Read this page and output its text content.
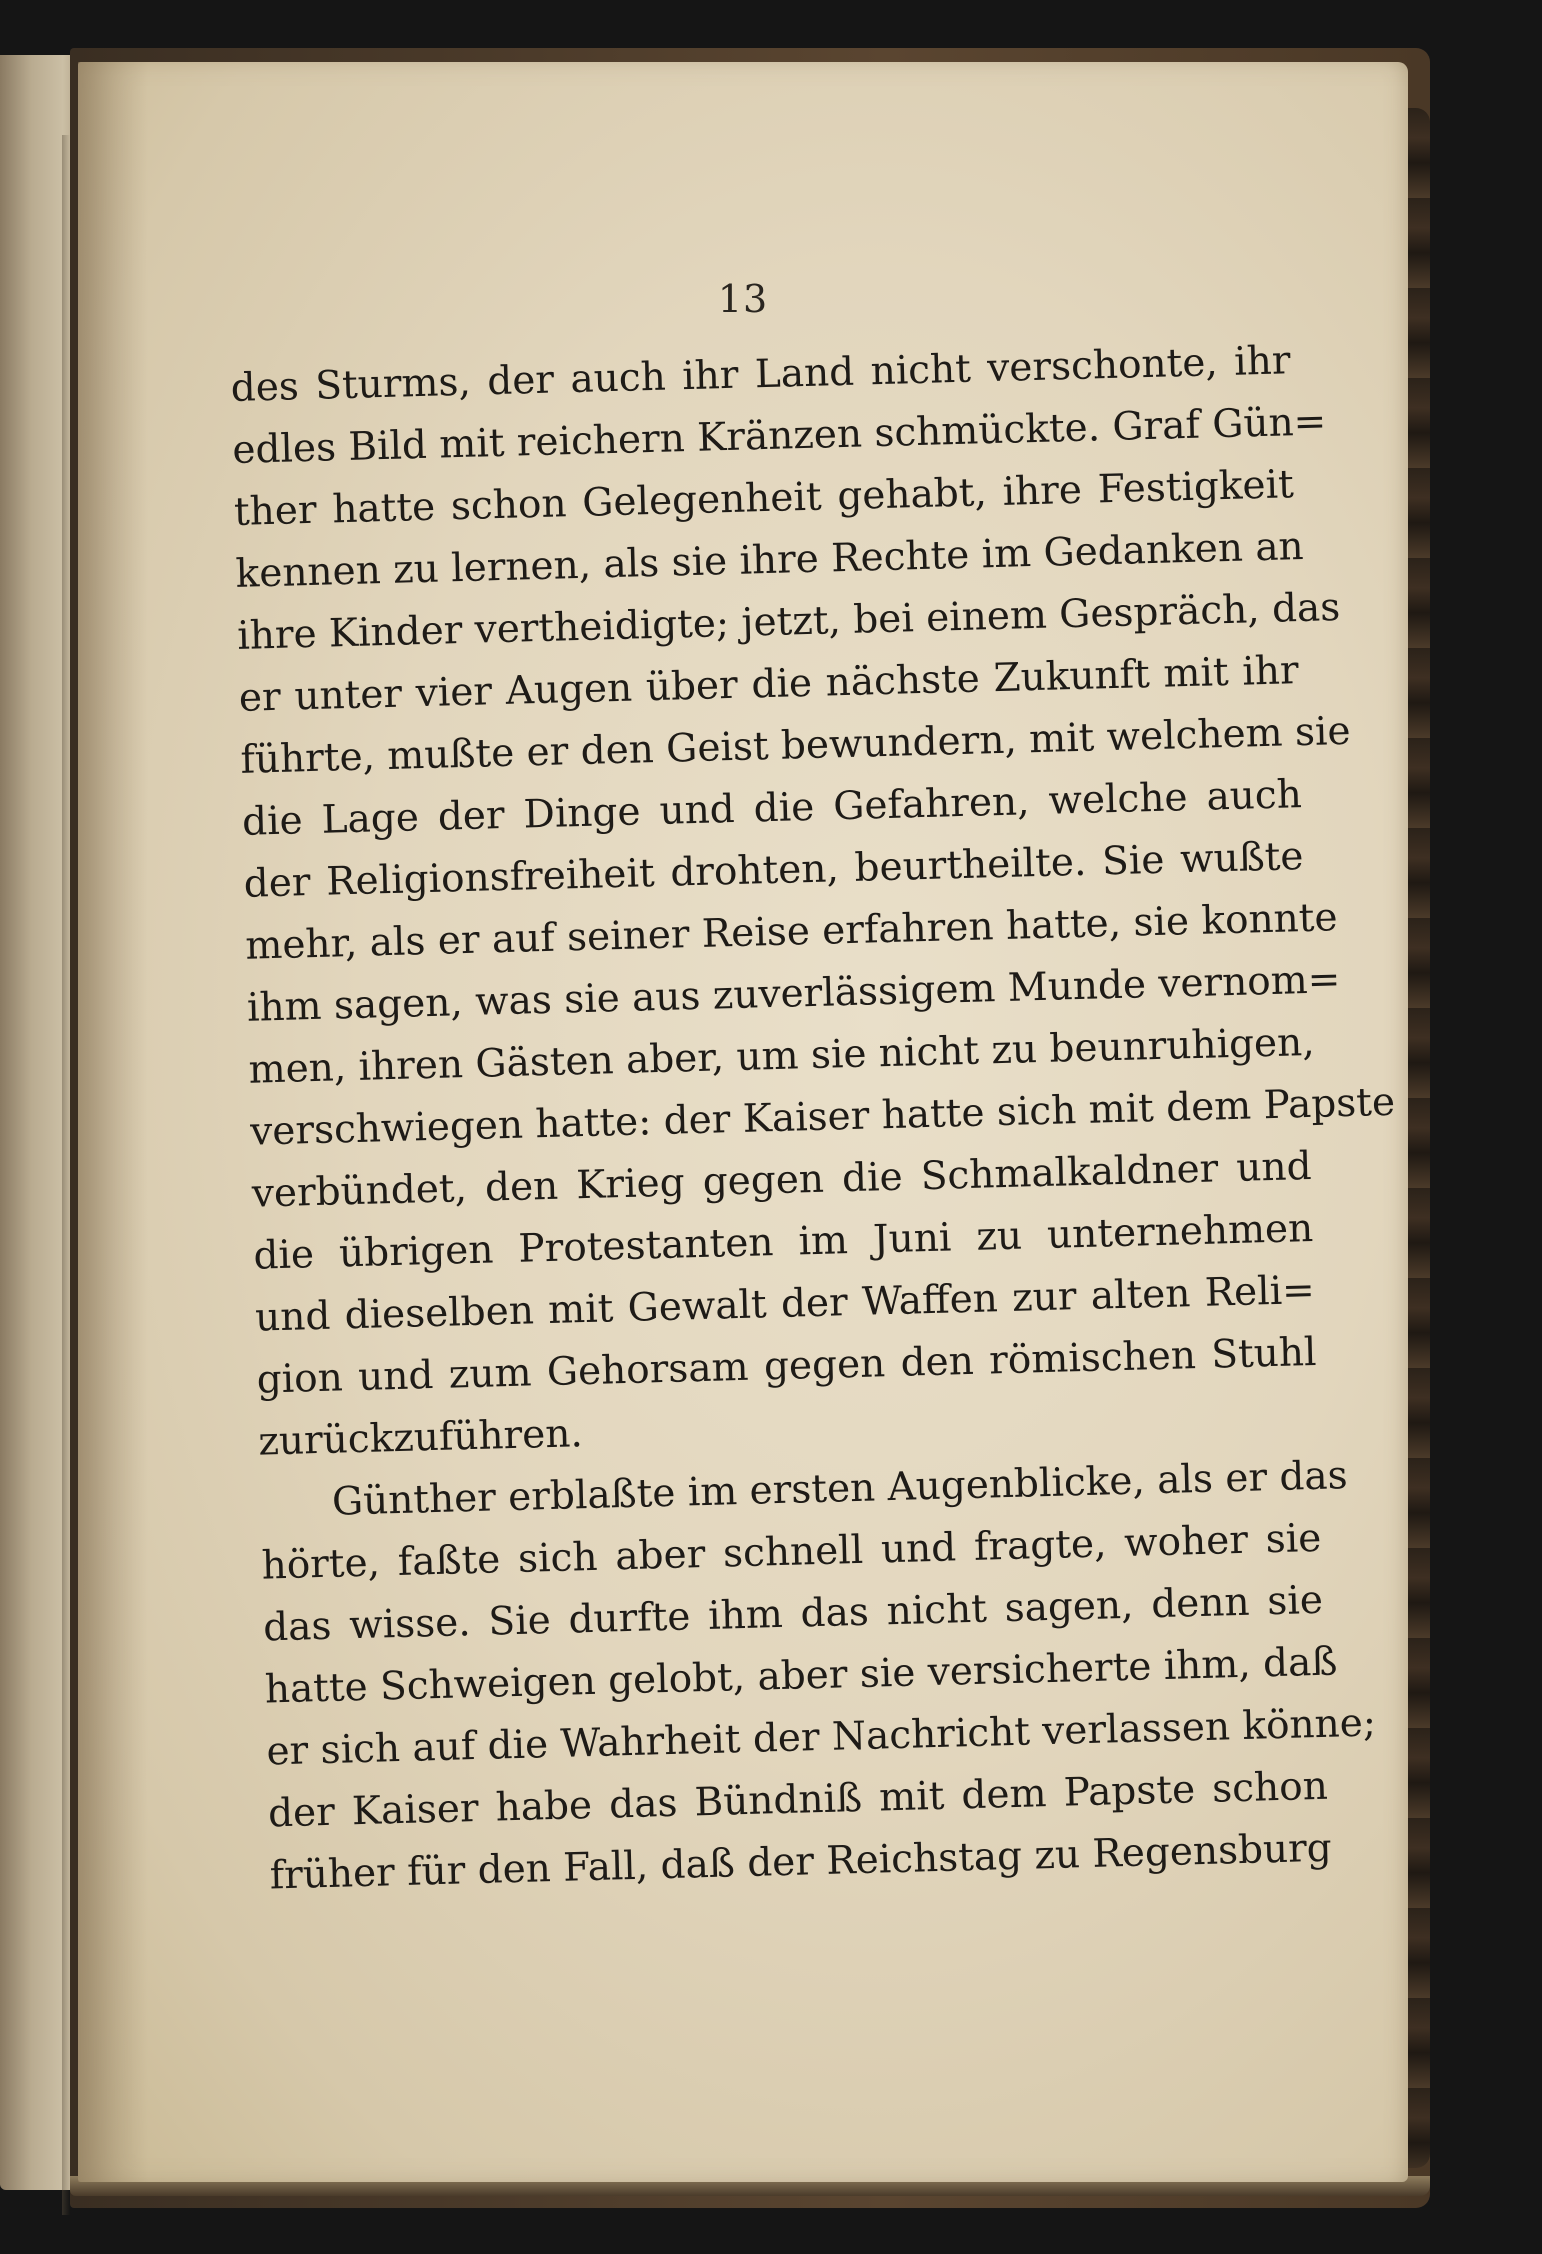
13
des Sturms, der auch ihr Land nicht verschonte, ihr
edles Bild mit reichern Kränzen schmückte. Graf Gün=
ther hatte schon Gelegenheit gehabt, ihre Festigkeit
kennen zu lernen, als sie ihre Rechte im Gedanken an
ihre Kinder vertheidigte; jetzt, bei einem Gespräch, das
er unter vier Augen über die nächste Zukunft mit ihr
führte, mußte er den Geist bewundern, mit welchem sie
die Lage der Dinge und die Gefahren, welche auch
der Religionsfreiheit drohten, beurtheilte. Sie wußte
mehr, als er auf seiner Reise erfahren hatte, sie konnte
ihm sagen, was sie aus zuverlässigem Munde vernom=
men, ihren Gästen aber, um sie nicht zu beunruhigen,
verschwiegen hatte: der Kaiser hatte sich mit dem Papste
verbündet, den Krieg gegen die Schmalkaldner und
die übrigen Protestanten im Juni zu unternehmen
und dieselben mit Gewalt der Waffen zur alten Reli=
gion und zum Gehorsam gegen den römischen Stuhl
zurückzuführen.
Günther erblaßte im ersten Augenblicke, als er das
hörte, faßte sich aber schnell und fragte, woher sie
das wisse. Sie durfte ihm das nicht sagen, denn sie
hatte Schweigen gelobt, aber sie versicherte ihm, daß
er sich auf die Wahrheit der Nachricht verlassen könne;
der Kaiser habe das Bündniß mit dem Papste schon
früher für den Fall, daß der Reichstag zu Regensburg
